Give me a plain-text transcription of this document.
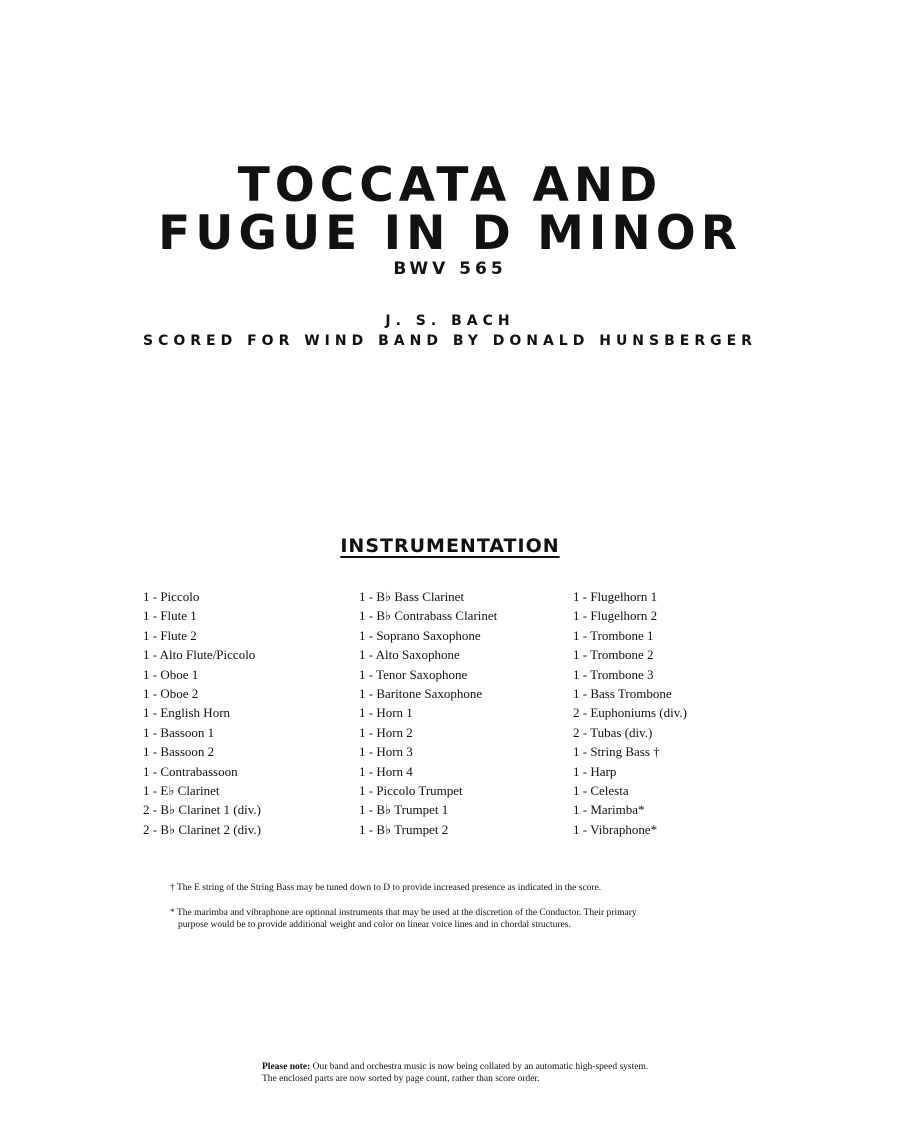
TOCCATA AND
FUGUE IN D MINOR
BWV 565
J. S. BACH
SCORED FOR WIND BAND BY DONALD HUNSBERGER
INSTRUMENTATION
1 - Piccolo
1 - Flute 1
1 - Flute 2
1 - Alto Flute/Piccolo
1 - Oboe 1
1 - Oboe 2
1 - English Horn
1 - Bassoon 1
1 - Bassoon 2
1 - Contrabassoon
1 - E♭ Clarinet
2 - B♭ Clarinet 1 (div.)
2 - B♭ Clarinet 2 (div.)
1 - B♭ Bass Clarinet
1 - B♭ Contrabass Clarinet
1 - Soprano Saxophone
1 - Alto Saxophone
1 - Tenor Saxophone
1 - Baritone Saxophone
1 - Horn 1
1 - Horn 2
1 - Horn 3
1 - Horn 4
1 - Piccolo Trumpet
1 - B♭ Trumpet 1
1 - B♭ Trumpet 2
1 - Flugelhorn 1
1 - Flugelhorn 2
1 - Trombone 1
1 - Trombone 2
1 - Trombone 3
1 - Bass Trombone
2 - Euphoniums (div.)
2 - Tubas (div.)
1 - String Bass †
1 - Harp
1 - Celesta
1 - Marimba*
1 - Vibraphone*
† The E string of the String Bass may be tuned down to D to provide increased presence as indicated in the score.
* The marimba and vibraphone are optional instruments that may be used at the discretion of the Conductor. Their primary
purpose would be to provide additional weight and color on linear voice lines and in chordal structures.
Please note: Our band and orchestra music is now being collated by an automatic high-speed system. The enclosed parts are now sorted by page count, rather than score order.
